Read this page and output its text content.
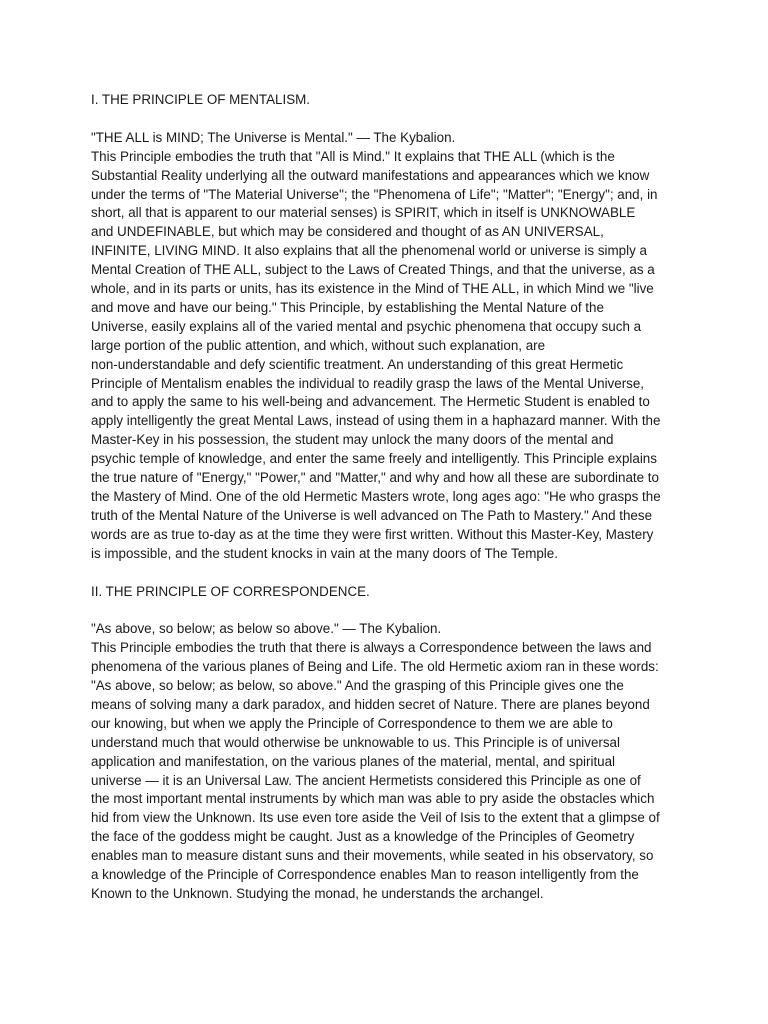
I. THE PRINCIPLE OF MENTALISM.
"THE ALL is MIND; The Universe is Mental." — The Kybalion.
This Principle embodies the truth that "All is Mind." It explains that THE ALL (which is the
Substantial Reality underlying all the outward manifestations and appearances which we know
under the terms of "The Material Universe"; the "Phenomena of Life"; "Matter"; "Energy"; and, in
short, all that is apparent to our material senses) is SPIRIT, which in itself is UNKNOWABLE
and UNDEFINABLE, but which may be considered and thought of as AN UNIVERSAL,
INFINITE, LIVING MIND. It also explains that all the phenomenal world or universe is simply a
Mental Creation of THE ALL, subject to the Laws of Created Things, and that the universe, as a
whole, and in its parts or units, has its existence in the Mind of THE ALL, in which Mind we "live
and move and have our being." This Principle, by establishing the Mental Nature of the
Universe, easily explains all of the varied mental and psychic phenomena that occupy such a
large portion of the public attention, and which, without such explanation, are
non-understandable and defy scientific treatment. An understanding of this great Hermetic
Principle of Mentalism enables the individual to readily grasp the laws of the Mental Universe,
and to apply the same to his well-being and advancement. The Hermetic Student is enabled to
apply intelligently the great Mental Laws, instead of using them in a haphazard manner. With the
Master-Key in his possession, the student may unlock the many doors of the mental and
psychic temple of knowledge, and enter the same freely and intelligently. This Principle explains
the true nature of "Energy," "Power," and "Matter," and why and how all these are subordinate to
the Mastery of Mind. One of the old Hermetic Masters wrote, long ages ago: "He who grasps the
truth of the Mental Nature of the Universe is well advanced on The Path to Mastery." And these
words are as true to-day as at the time they were first written. Without this Master-Key, Mastery
is impossible, and the student knocks in vain at the many doors of The Temple.
II. THE PRINCIPLE OF CORRESPONDENCE.
"As above, so below; as below so above." — The Kybalion.
This Principle embodies the truth that there is always a Correspondence between the laws and
phenomena of the various planes of Being and Life. The old Hermetic axiom ran in these words:
"As above, so below; as below, so above." And the grasping of this Principle gives one the
means of solving many a dark paradox, and hidden secret of Nature. There are planes beyond
our knowing, but when we apply the Principle of Correspondence to them we are able to
understand much that would otherwise be unknowable to us. This Principle is of universal
application and manifestation, on the various planes of the material, mental, and spiritual
universe — it is an Universal Law. The ancient Hermetists considered this Principle as one of
the most important mental instruments by which man was able to pry aside the obstacles which
hid from view the Unknown. Its use even tore aside the Veil of Isis to the extent that a glimpse of
the face of the goddess might be caught. Just as a knowledge of the Principles of Geometry
enables man to measure distant suns and their movements, while seated in his observatory, so
a knowledge of the Principle of Correspondence enables Man to reason intelligently from the
Known to the Unknown. Studying the monad, he understands the archangel.
